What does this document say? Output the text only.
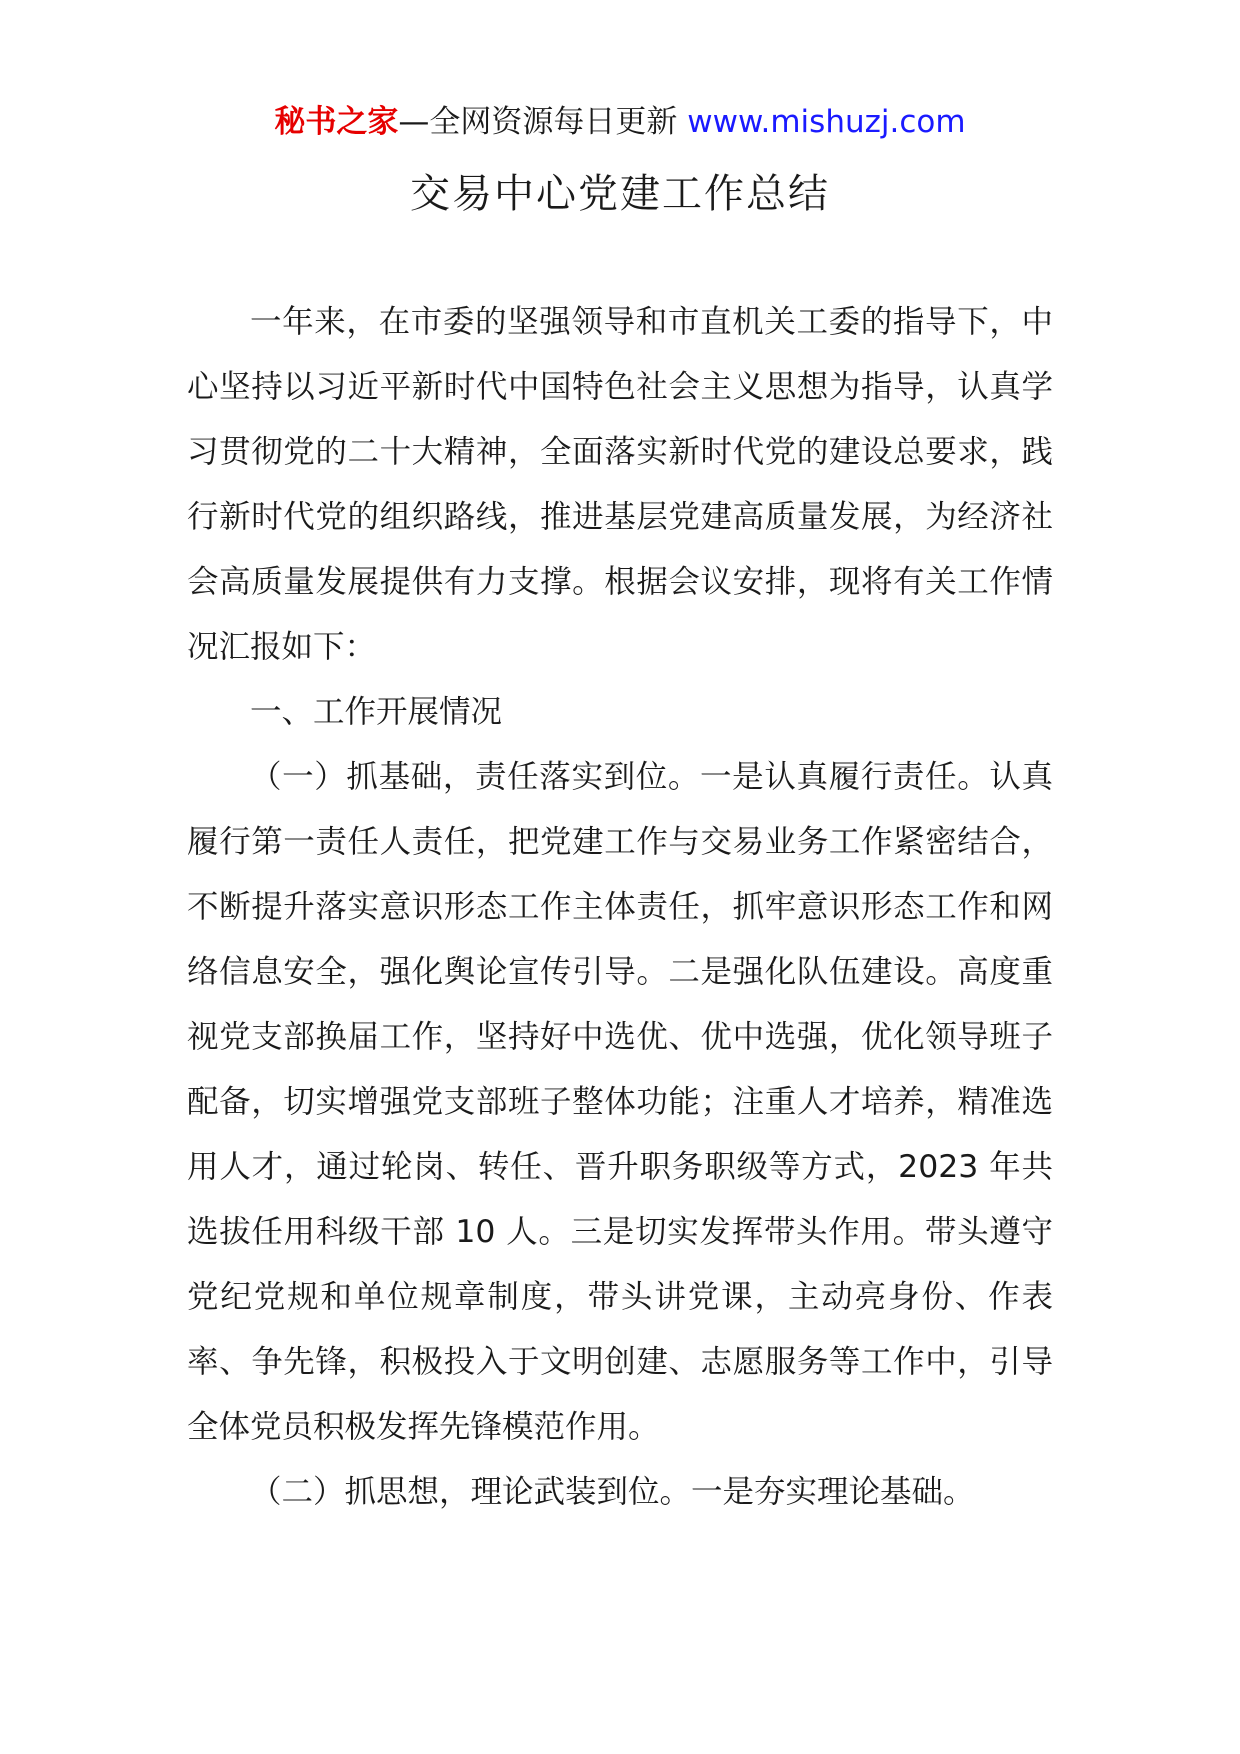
秘书之家—全网资源每日更新 www.mishuzj.com
交易中心党建工作总结

一年来，在市委的坚强领导和市直机关工委的指导下，中心坚持以习近平新时代中国特色社会主义思想为指导，认真学习贯彻党的二十大精神，全面落实新时代党的建设总要求，践行新时代党的组织路线，推进基层党建高质量发展，为经济社会高质量发展提供有力支撑。根据会议安排，现将有关工作情况汇报如下：

一、工作开展情况

（一）抓基础，责任落实到位。一是认真履行责任。认真履行第一责任人责任，把党建工作与交易业务工作紧密结合，不断提升落实意识形态工作主体责任，抓牢意识形态工作和网络信息安全，强化舆论宣传引导。二是强化队伍建设。高度重视党支部换届工作，坚持好中选优、优中选强，优化领导班子配备，切实增强党支部班子整体功能；注重人才培养，精准选用人才，通过轮岗、转任、晋升职务职级等方式，2023 年共选拔任用科级干部 10 人。三是切实发挥带头作用。带头遵守党纪党规和单位规章制度，带头讲党课，主动亮身份、作表率、争先锋，积极投入于文明创建、志愿服务等工作中，引导全体党员积极发挥先锋模范作用。

（二）抓思想，理论武装到位。一是夯实理论基础。
